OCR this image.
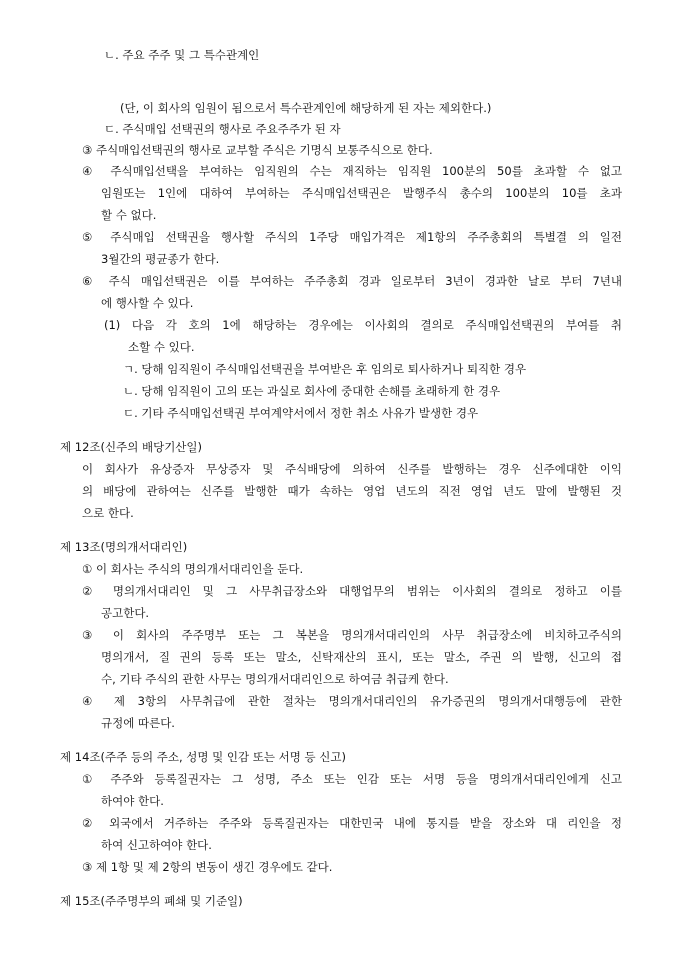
ㄴ. 주요 주주 및 그 특수관계인
(단, 이 회사의 임원이 됨으로서 특수관계인에 해당하게 된 자는 제외한다.)
ㄷ. 주식매입 선택권의 행사로 주요주주가 된 자
③ 주식매입선택권의 행사로 교부할 주식은 기명식 보통주식으로 한다.
④ 주식매입선택을 부여하는 임직원의 수는 재직하는 임직원 100분의 50를 초과할 수 없고
임원또는 1인에 대하여 부여하는 주식매입선택권은 발행주식 총수의 100분의 10를 초과
할 수 없다.
⑤ 주식매입 선택권을 행사할 주식의 1주당 매입가격은 제1항의 주주총회의 특별결 의 일전
3월간의 평균종가 한다.
⑥ 주식 매입선택권은 이를 부여하는 주주총회 경과 일로부터 3년이 경과한 날로 부터 7년내
에 행사할 수 있다.
(1) 다음 각 호의 1에 해당하는 경우에는 이사회의 결의로 주식매입선택권의 부여를 취
소할 수 있다.
ㄱ. 당해 임직원이 주식매입선택권을 부여받은 후 임의로 퇴사하거나 퇴직한 경우
ㄴ. 당해 임직원이 고의 또는 과실로 회사에 중대한 손해를 초래하게 한 경우
ㄷ. 기타 주식매입선택권 부여계약서에서 정한 취소 사유가 발생한 경우
제 12조(신주의 배당기산일)
이 회사가 유상증자 무상증자 및 주식배당에 의하여 신주를 발행하는 경우 신주에대한 이익
의 배당에 관하여는 신주를 발행한 때가 속하는 영업 년도의 직전 영업 년도 말에 발행된 것
으로 한다.
제 13조(명의개서대리인)
① 이 회사는 주식의 명의개서대리인을 둔다.
② 명의개서대리인 및 그 사무취급장소와 대행업무의 범위는 이사회의 결의로 정하고 이를
공고한다.
③ 이 회사의 주주명부 또는 그 복본을 명의개서대리인의 사무 취급장소에 비치하고주식의
명의개서, 질 권의 등록 또는 말소, 신탁재산의 표시, 또는 말소, 주권 의 발행, 신고의 접
수, 기타 주식의 관한 사무는 명의개서대리인으로 하여금 취급케 한다.
④ 제 3항의 사무취급에 관한 절차는 명의개서대리인의 유가증권의 명의개서대행등에 관한
규정에 따른다.
제 14조(주주 등의 주소, 성명 및 인감 또는 서명 등 신고)
① 주주와 등록질권자는 그 성명, 주소 또는 인감 또는 서명 등을 명의개서대리인에게 신고
하여야 한다.
② 외국에서 거주하는 주주와 등록질권자는 대한민국 내에 통지를 받을 장소와 대 리인을 정
하여 신고하여야 한다.
③ 제 1항 및 제 2항의 변동이 생긴 경우에도 같다.
제 15조(주주명부의 폐쇄 및 기준일)
